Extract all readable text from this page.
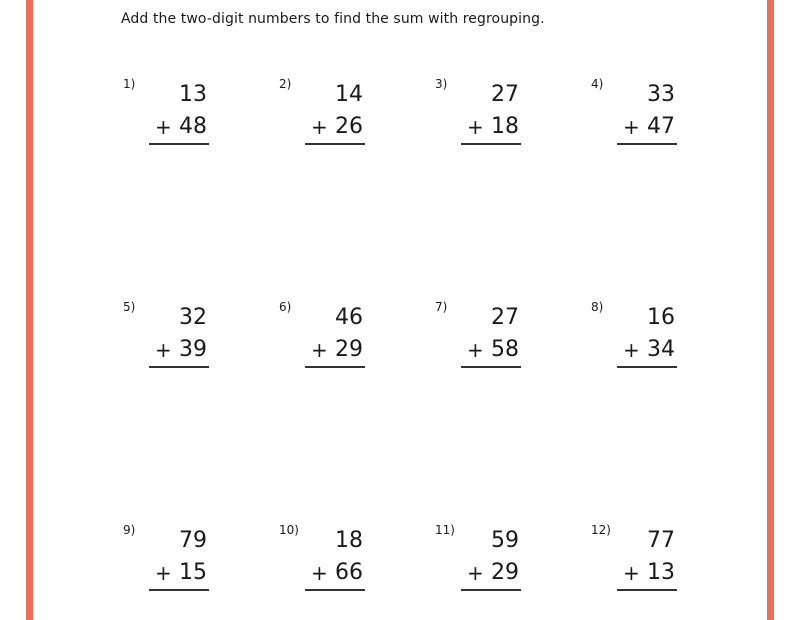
Add the two-digit numbers to find the sum with regrouping.
1) 13
+ 48
2) 14
+ 26
3) 27
+ 18
4) 33
+ 47
5) 32
+ 39
6) 46
+ 29
7) 27
+ 58
8) 16
+ 34
9) 79
+ 15
10) 18
+ 66
11) 59
+ 29
12) 77
+ 13
